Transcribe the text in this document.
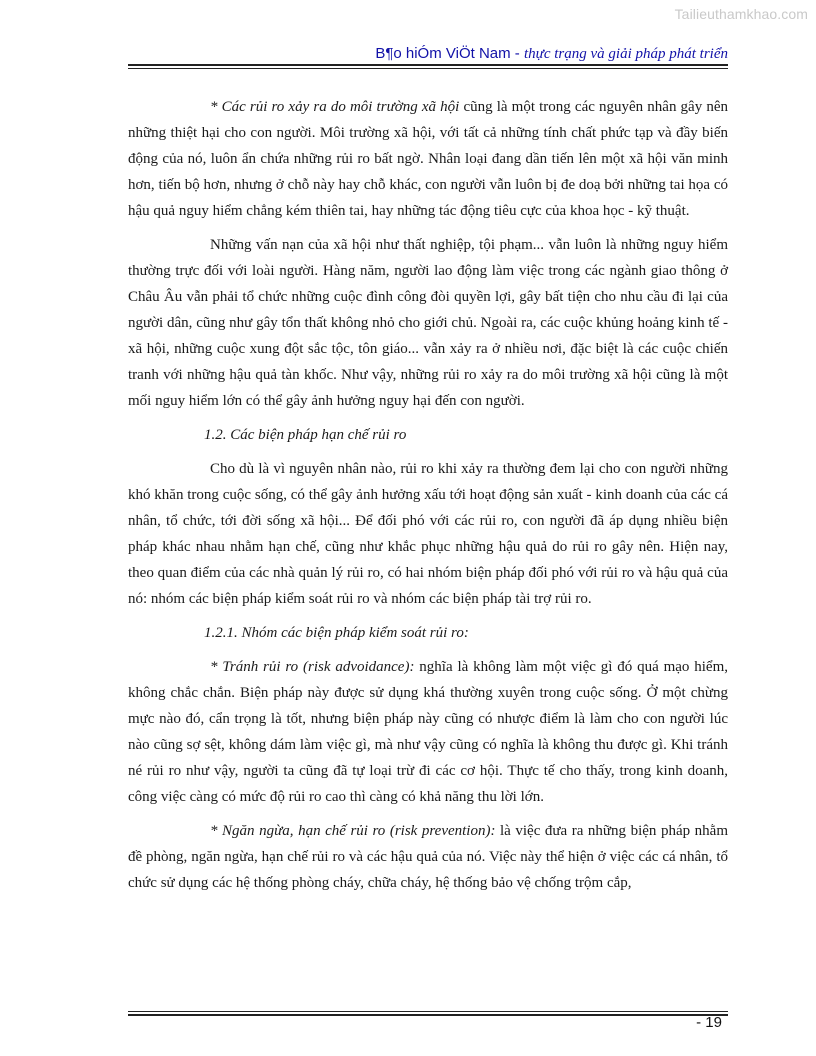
Tailieuthamkhao.com
B¶o hiÓm ViÖt Nam - thực trạng và giải pháp phát triển

* Các rủi ro xảy ra do môi trường xã hội cũng là một trong các nguyên nhân gây nên những thiệt hại cho con người. Môi trường xã hội, với tất cả những tính chất phức tạp và đầy biến động của nó, luôn ẩn chứa những rủi ro bất ngờ. Nhân loại đang dần tiến lên một xã hội văn minh hơn, tiến bộ hơn, nhưng ở chỗ này hay chỗ khác, con người vẫn luôn bị đe doạ bởi những tai họa có hậu quả nguy hiểm chẳng kém thiên tai, hay những tác động tiêu cực của khoa học - kỹ thuật.

Những vấn nạn của xã hội như thất nghiệp, tội phạm... vẫn luôn là những nguy hiểm thường trực đối với loài người. Hàng năm, người lao động làm việc trong các ngành giao thông ở Châu Âu vẫn phải tổ chức những cuộc đình công đòi quyền lợi, gây bất tiện cho nhu cầu đi lại của người dân, cũng như gây tổn thất không nhỏ cho giới chủ. Ngoài ra, các cuộc khủng hoảng kinh tế - xã hội, những cuộc xung đột sắc tộc, tôn giáo... vẫn xảy ra ở nhiều nơi, đặc biệt là các cuộc chiến tranh với những hậu quả tàn khốc. Như vậy, những rủi ro xảy ra do môi trường xã hội cũng là một mối nguy hiểm lớn có thể gây ảnh hưởng nguy hại đến con người.

1.2. Các biện pháp hạn chế rủi ro

Cho dù là vì nguyên nhân nào, rủi ro khi xảy ra thường đem lại cho con người những khó khăn trong cuộc sống, có thể gây ảnh hưởng xấu tới hoạt động sản xuất - kinh doanh của các cá nhân, tổ chức, tới đời sống xã hội... Để đối phó với các rủi ro, con người đã áp dụng nhiều biện pháp khác nhau nhằm hạn chế, cũng như khắc phục những hậu quả do rủi ro gây nên. Hiện nay, theo quan điểm của các nhà quản lý rủi ro, có hai nhóm biện pháp đối phó với rủi ro và hậu quả của nó: nhóm các biện pháp kiểm soát rủi ro và nhóm các biện pháp tài trợ rủi ro.

1.2.1. Nhóm các biện pháp kiểm soát rủi ro:

* Tránh rủi ro (risk advoidance): nghĩa là không làm một việc gì đó quá mạo hiểm, không chắc chắn. Biện pháp này được sử dụng khá thường xuyên trong cuộc sống. Ở một chừng mực nào đó, cẩn trọng là tốt, nhưng biện pháp này cũng có nhược điểm là làm cho con người lúc nào cũng sợ sệt, không dám làm việc gì, mà như vậy cũng có nghĩa là không thu được gì. Khi tránh né rủi ro như vậy, người ta cũng đã tự loại trừ đi các cơ hội. Thực tế cho thấy, trong kinh doanh, công việc càng có mức độ rủi ro cao thì càng có khả năng thu lời lớn.

* Ngăn ngừa, hạn chế rủi ro (risk prevention): là việc đưa ra những biện pháp nhằm đề phòng, ngăn ngừa, hạn chế rủi ro và các hậu quả của nó. Việc này thể hiện ở việc các cá nhân, tổ chức sử dụng các hệ thống phòng cháy, chữa cháy, hệ thống bảo vệ chống trộm cắp,

- 19
